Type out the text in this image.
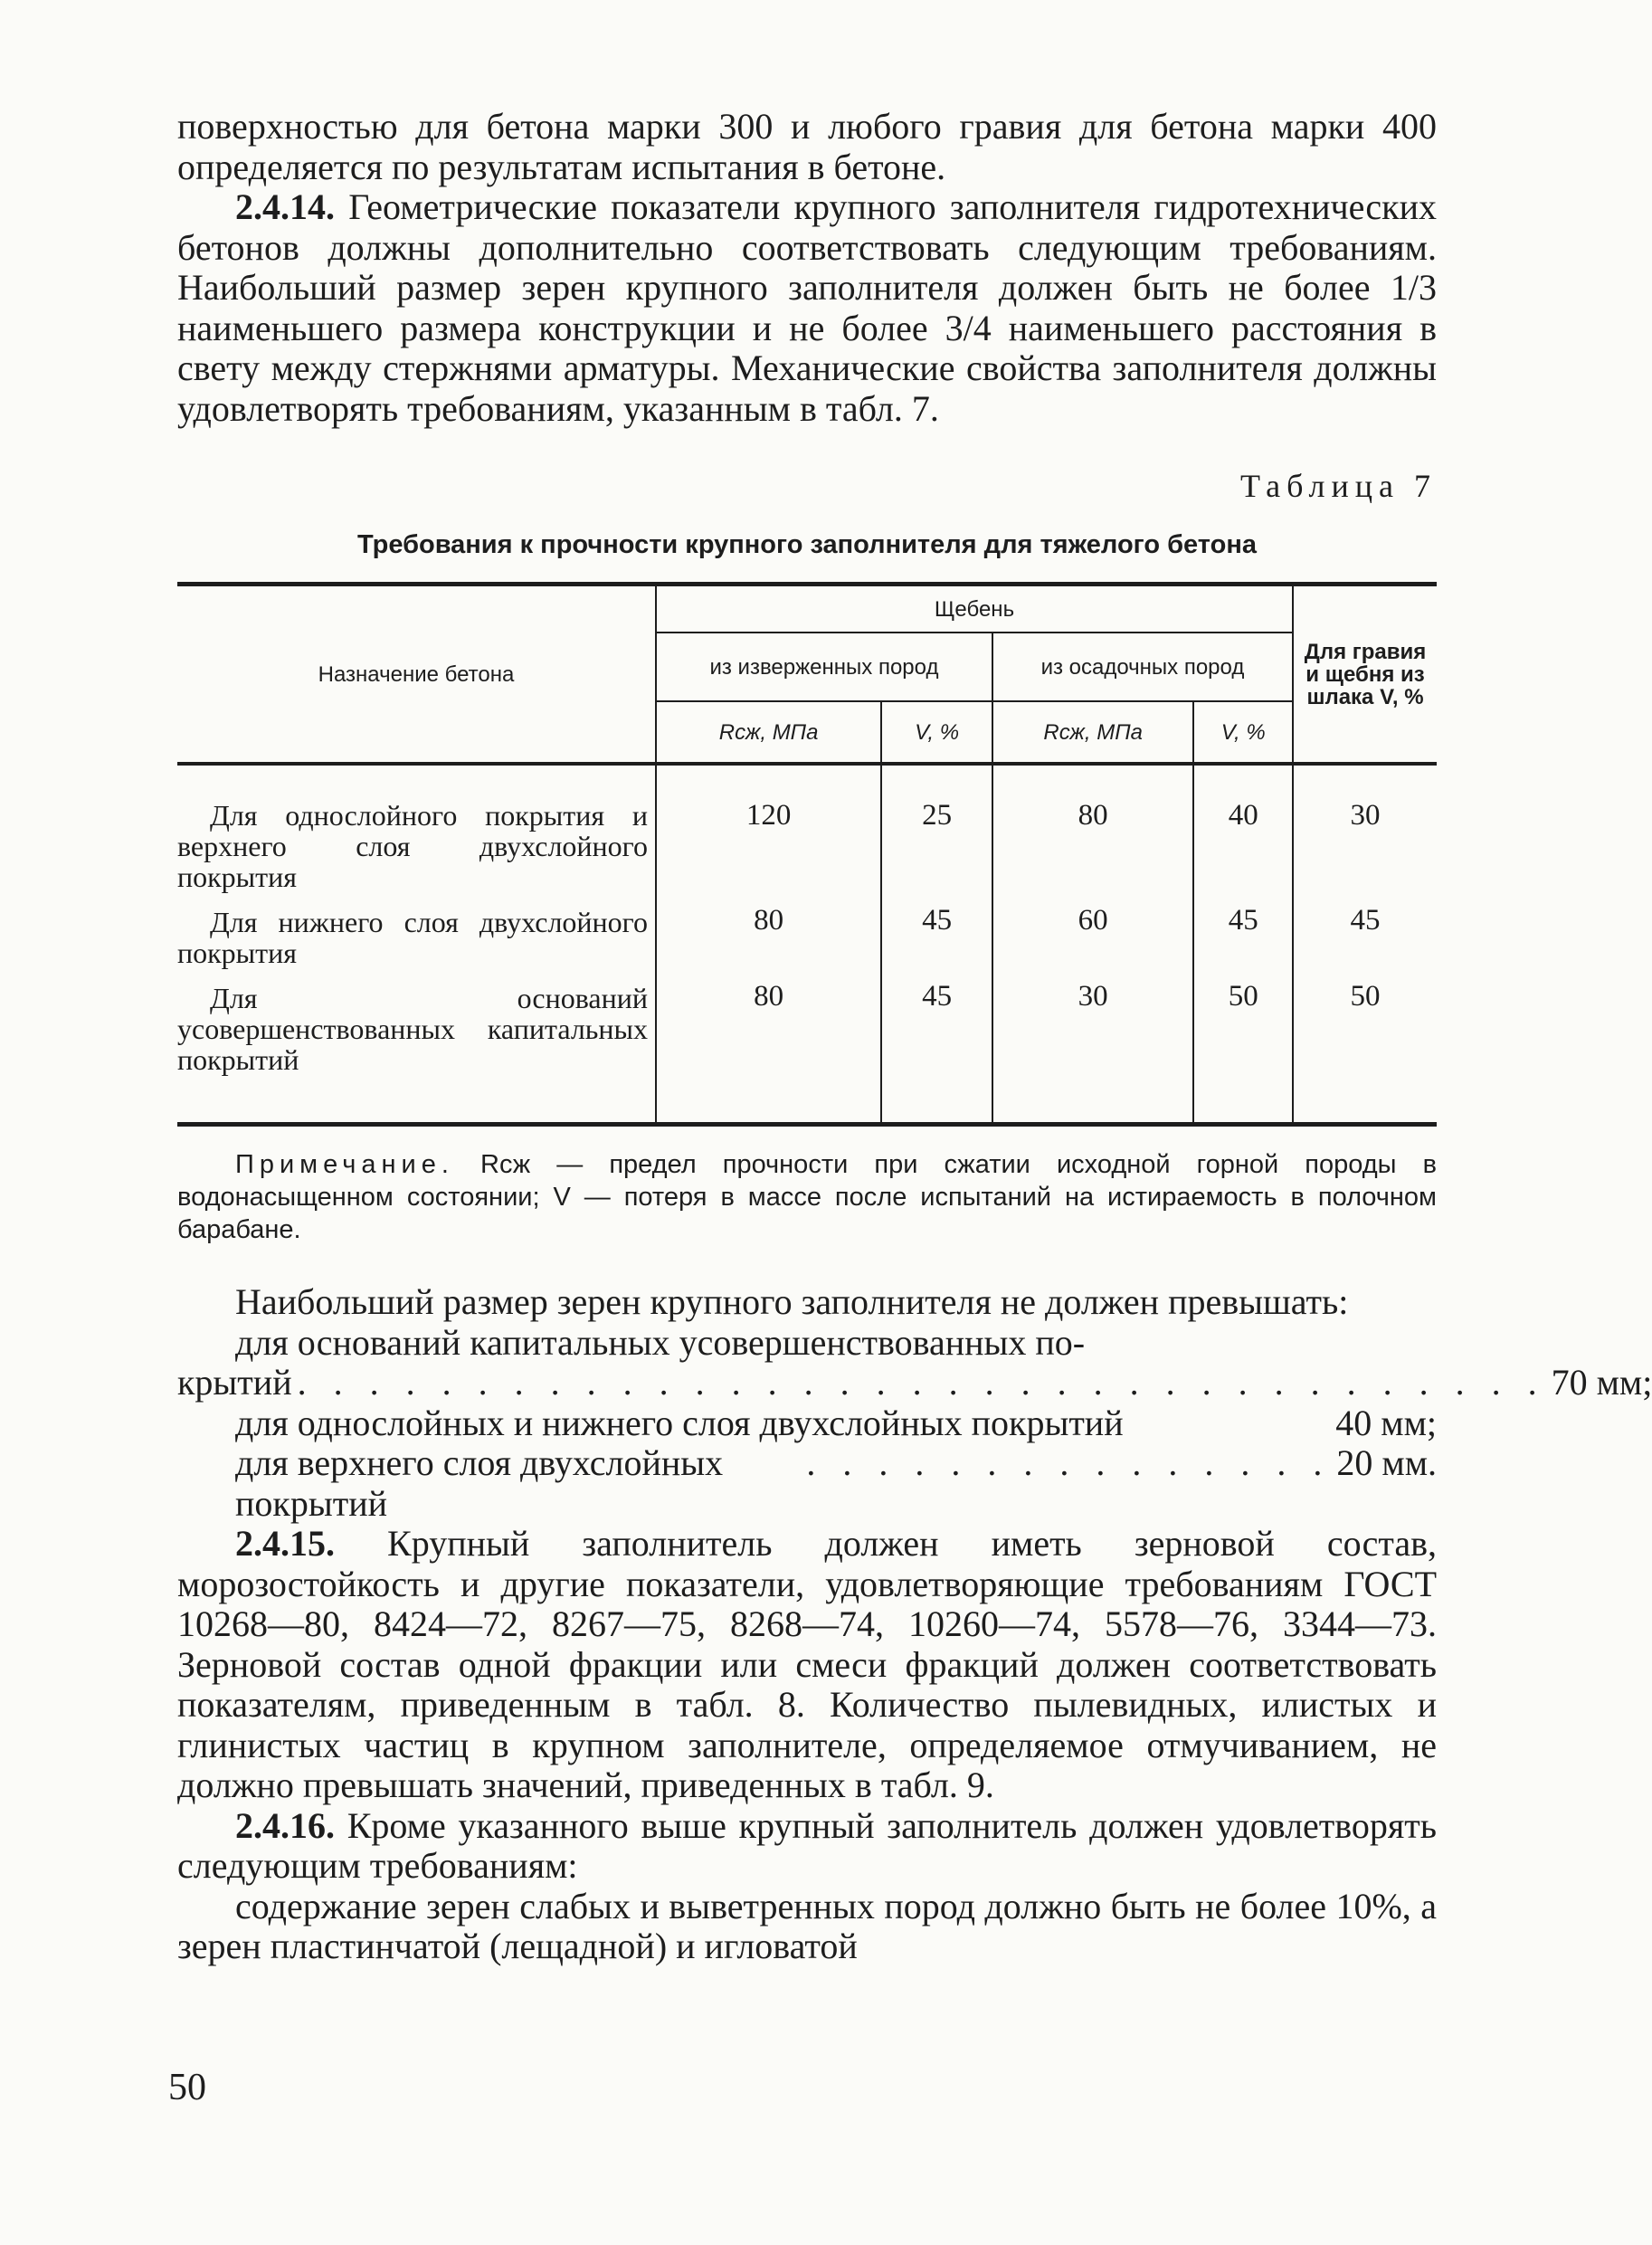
поверхностью для бетона марки 300 и любого гравия для бетона марки 400 определяется по результатам испытания в бетоне.

2.4.14. Геометрические показатели крупного заполнителя гидротехнических бетонов должны дополнительно соответствовать следующим требованиям. Наибольший размер зерен крупного заполнителя должен быть не более 1/3 наименьшего размера конструкции и не более 3/4 наименьшего расстояния в свету между стержнями арматуры. Механические свойства заполнителя должны удовлетворять требованиям, указанным в табл. 7.

Таблица 7
Требования к прочности крупного заполнителя для тяжелого бетона
Назначение бетона	Щебень				Для гравия и щебня из шлака V, %
	из изверженных пород		из осадочных пород		
	Rсж, МПа	V, %	Rсж, МПа	V, %	
Для однослойного покрытия и верхнего слоя двухслойного покрытия	120	25	80	40	30
Для нижнего слоя двухслойного покрытия	80	45	60	45	45
Для оснований усовершенствованных капитальных покрытий	80	45	30	50	50

Примечание. Rсж — предел прочности при сжатии исходной горной породы в водонасыщенном состоянии; V — потеря в массе после испытаний на истираемость в полочном барабане.

Наибольший размер зерен крупного заполнителя не должен превышать:

для оснований капитальных усовершенствованных по-
крытий . . . . . . . . . . . . . . . . . . . . . . . . . . . . . . . . . . . 70 мм;
для однослойных и нижнего слоя двухслойных покрытий	40 мм;
для верхнего слоя двухслойных покрытий
. . . . . . . . . . . . . . . 20 мм.

2.4.15. Крупный заполнитель должен иметь зерновой состав, морозостойкость и другие показатели, удовлетворяющие требованиям ГОСТ 10268—80, 8424—72, 8267—75, 8268—74, 10260—74, 5578—76, 3344—73. Зерновой состав одной фракции или смеси фракций должен соответствовать показателям, приведенным в табл. 8. Количество пылевидных, илистых и глинистых частиц в крупном заполнителе, определяемое отмучиванием, не должно превышать значений, приведенных в табл. 9.

2.4.16. Кроме указанного выше крупный заполнитель должен удовлетворять следующим требованиям:

содержание зерен слабых и выветренных пород должно быть не более 10%, а зерен пластинчатой (лещадной) и игловатой

50
